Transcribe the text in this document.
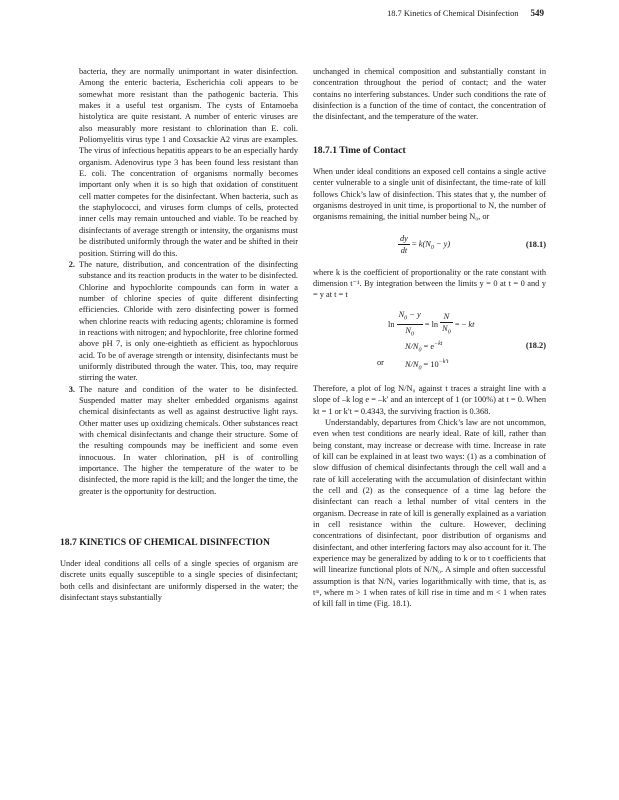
18.7 Kinetics of Chemical Disinfection 549

bacteria, they are normally unimportant in water disinfection. Among the enteric bacteria, Escherichia coli appears to be somewhat more resistant than the pathogenic bacteria. This makes it a useful test organism. The cysts of Entamoeba histolytica are quite resistant. A number of enteric viruses are also measurably more resistant to chlorination than E. coli. Poliomyelitis virus type 1 and Coxsackie A2 virus are examples. The virus of infectious hepatitis appears to be an especially hardy organism. Adenovirus type 3 has been found less resistant than E. coli. The concentration of organisms normally becomes important only when it is so high that oxidation of constituent cell matter competes for the disinfectant. When bacteria, such as the staphylococci, and viruses form clumps of cells, protected inner cells may remain untouched and viable. To be reached by disinfectants of average strength or intensity, the organisms must be distributed uniformly through the water and be shifted in their position. Stirring will do this.

2. The nature, distribution, and concentration of the disinfecting substance and its reaction products in the water to be disinfected. Chlorine and hypochlorite compounds can form in water a number of chlorine species of quite different disinfecting efficiencies. Chloride with zero disinfecting power is formed when chlorine reacts with reducing agents; chloramine is formed in reactions with nitrogen; and hypochlorite, free chlorine formed above pH 7, is only one-eightieth as efficient as hypochlorous acid. To be of average strength or intensity, disinfectants must be uniformly distributed through the water. This, too, may require stirring the water.
3. The nature and condition of the water to be disinfected. Suspended matter may shelter embedded organisms against chemical disinfectants as well as against destructive light rays. Other matter uses up oxidizing chemicals. Other substances react with chemical disinfectants and change their structure. Some of the resulting compounds may be inefficient and some even innocuous. In water chlorination, pH is of controlling importance. The higher the temperature of the water to be disinfected, the more rapid is the kill; and the longer the time, the greater is the opportunity for destruction.
18.7 KINETICS OF CHEMICAL DISINFECTION

Under ideal conditions all cells of a single species of organism are discrete units equally susceptible to a single species of disinfectant; both cells and disinfectant are uniformly dispersed in the water; the disinfectant stays substantially

unchanged in chemical composition and substantially constant in concentration throughout the period of contact; and the water contains no interfering substances. Under such conditions the rate of disinfection is a function of the time of contact, the concentration of the disinfectant, and the temperature of the water.

18.7.1 Time of Contact

When under ideal conditions an exposed cell contains a single active center vulnerable to a single unit of disinfectant, the time-rate of kill follows Chick’s law of disinfection. This states that y, the number of organisms destroyed in unit time, is proportional to N, the number of organisms remaining, the initial number being N₀, or

$\frac{dy}{dt} = k(N_0 - y)$	(18.1)

where k is the coefficient of proportionality or the rate constant with dimension t⁻¹. By integration between the limits y = 0 at t = 0 and y = y at t = t

$\ln \frac{N_0 - y}{N_0} = \ln \frac{N}{N_0}$ = − kt
$N/N_0 = e^{-kt}$	(18.2)
or	$N/N_0 = 10^{-k't}$

Therefore, a plot of log N/N₀ against t traces a straight line with a slope of –k log e = –k′ and an intercept of 1 (or 100%) at t = 0. When kt = 1 or k′t = 0.4343, the surviving fraction is 0.368.

Understandably, departures from Chick’s law are not uncommon, even when test conditions are nearly ideal. Rate of kill, rather than being constant, may increase or decrease with time. Increase in rate of kill can be explained in at least two ways: (1) as a combination of slow diffusion of chemical disinfectants through the cell wall and a rate of kill accelerating with the accumulation of disinfectant within the cell and (2) as the consequence of a time lag before the disinfectant can reach a lethal number of vital centers in the organism. Decrease in rate of kill is generally explained as a variation in cell resistance within the culture. However, declining concentrations of disinfectant, poor distribution of organisms and disinfectant, and other interfering factors may also account for it. The experience may be generalized by adding to k or to t coefficients that will linearize functional plots of N/N₀. A simple and often successful assumption is that N/N₀ varies logarithmically with time, that is, as tᵐ, where m > 1 when rates of kill rise in time and m < 1 when rates of kill fall in time (Fig. 18.1).
